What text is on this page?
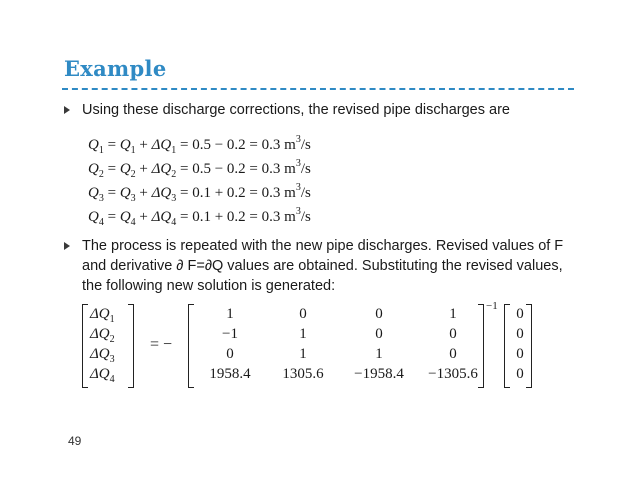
Example
Using these discharge corrections, the revised pipe discharges are
$Q_1 = Q_1 + \Delta Q_1 = 0.5 - 0.2 = 0.3$ $m^3/s$
$Q_2 = Q_2 + \Delta Q_2 = 0.5 - 0.2 = 0.3$ $m^3/s$
$Q_3 = Q_3 + \Delta Q_3 = 0.1 + 0.2 = 0.3$ $m^3/s$
$Q_4 = Q_4 + \Delta Q_4 = 0.1 + 0.2 = 0.3$ $m^3/s$
The process is repeated with the new pipe discharges. Revised values of F and derivative ∂ F=∂Q values are obtained. Substituting the revised values, the following new solution is generated:
$\Delta Q_1$
$\Delta Q_2$
$\Delta Q_3$
$\Delta Q_4$
= −
1	0	0	1
−1	1	0	0
0	1	1	0
1958.4	1305.6	−1958.4	−1305.6
−1	0
0
0
0
49
